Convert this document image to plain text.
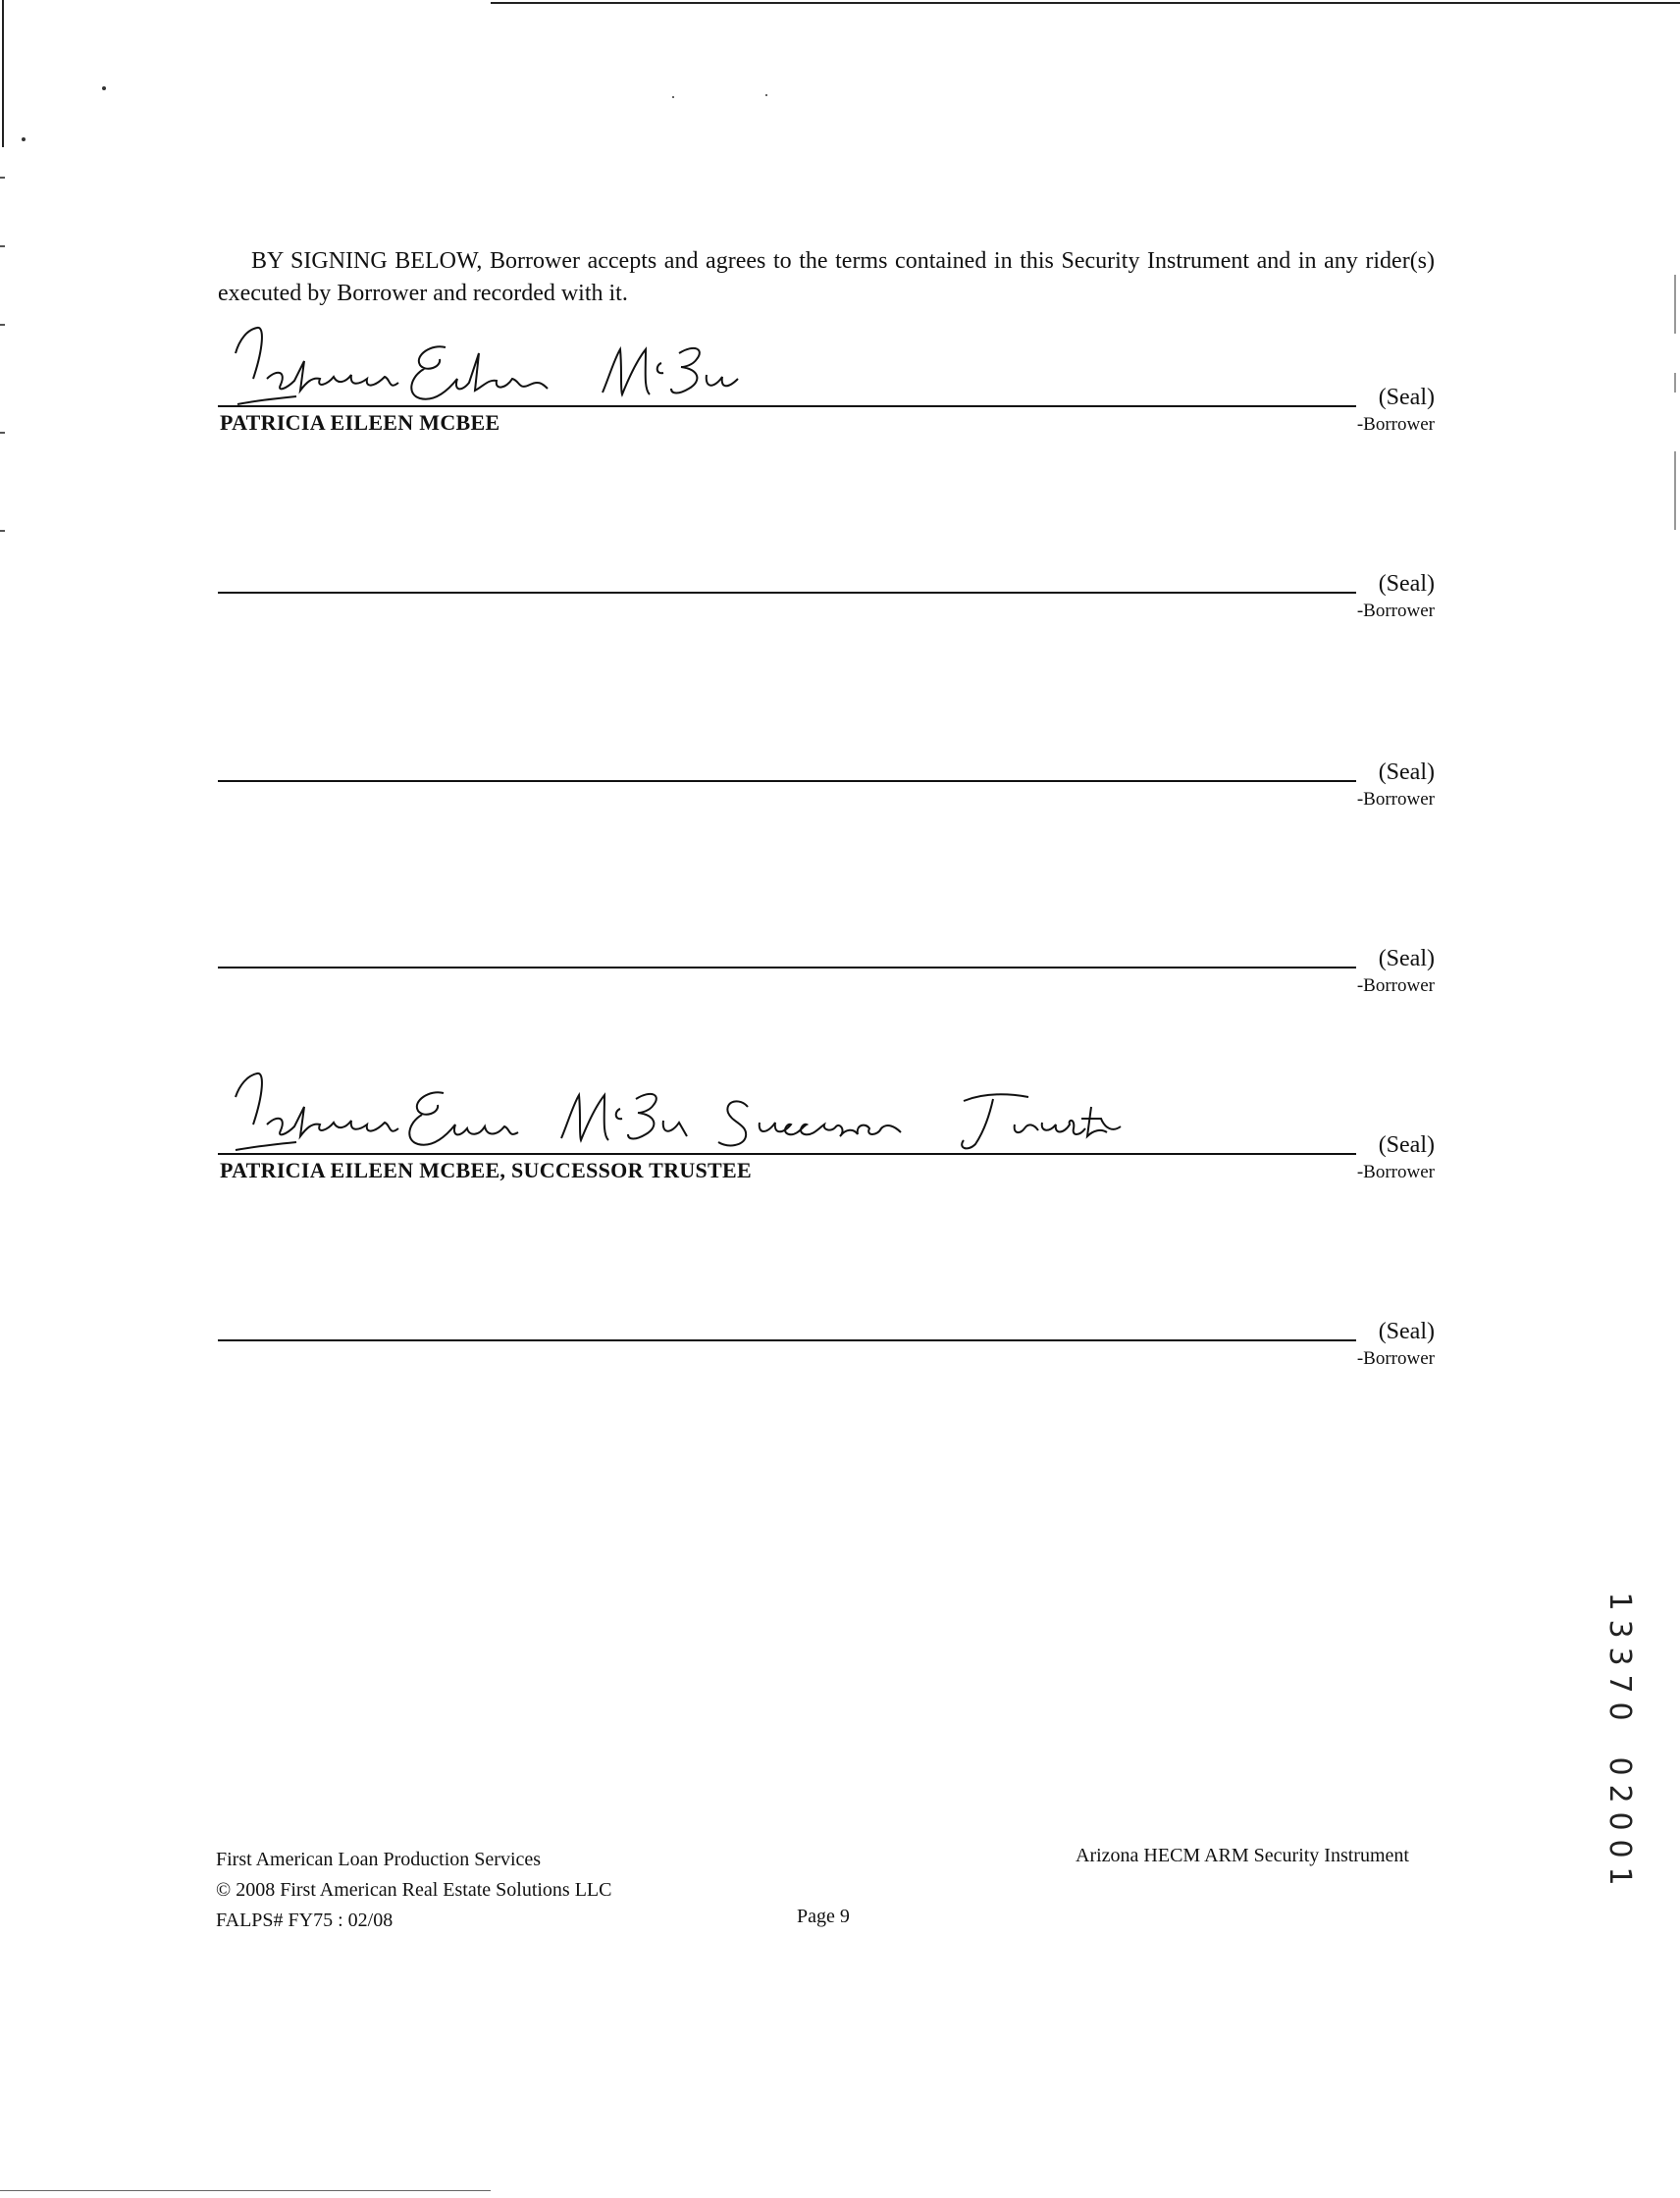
BY SIGNING BELOW, Borrower accepts and agrees to the terms contained in this Security Instrument and in any rider(s) executed by Borrower and recorded with it.
PATRICIA EILEEN MCBEE
(Seal)
-Borrower
(Seal)
-Borrower
(Seal)
-Borrower
(Seal)
-Borrower
PATRICIA EILEEN MCBEE, SUCCESSOR TRUSTEE
(Seal)
-Borrower
(Seal)
-Borrower
First American Loan Production Services
© 2008 First American Real Estate Solutions LLC
FALPS# FY75 : 02/08	Page 9
Arizona HECM ARM Security Instrument
1
3
3
7
0

0
2
0
0
1
